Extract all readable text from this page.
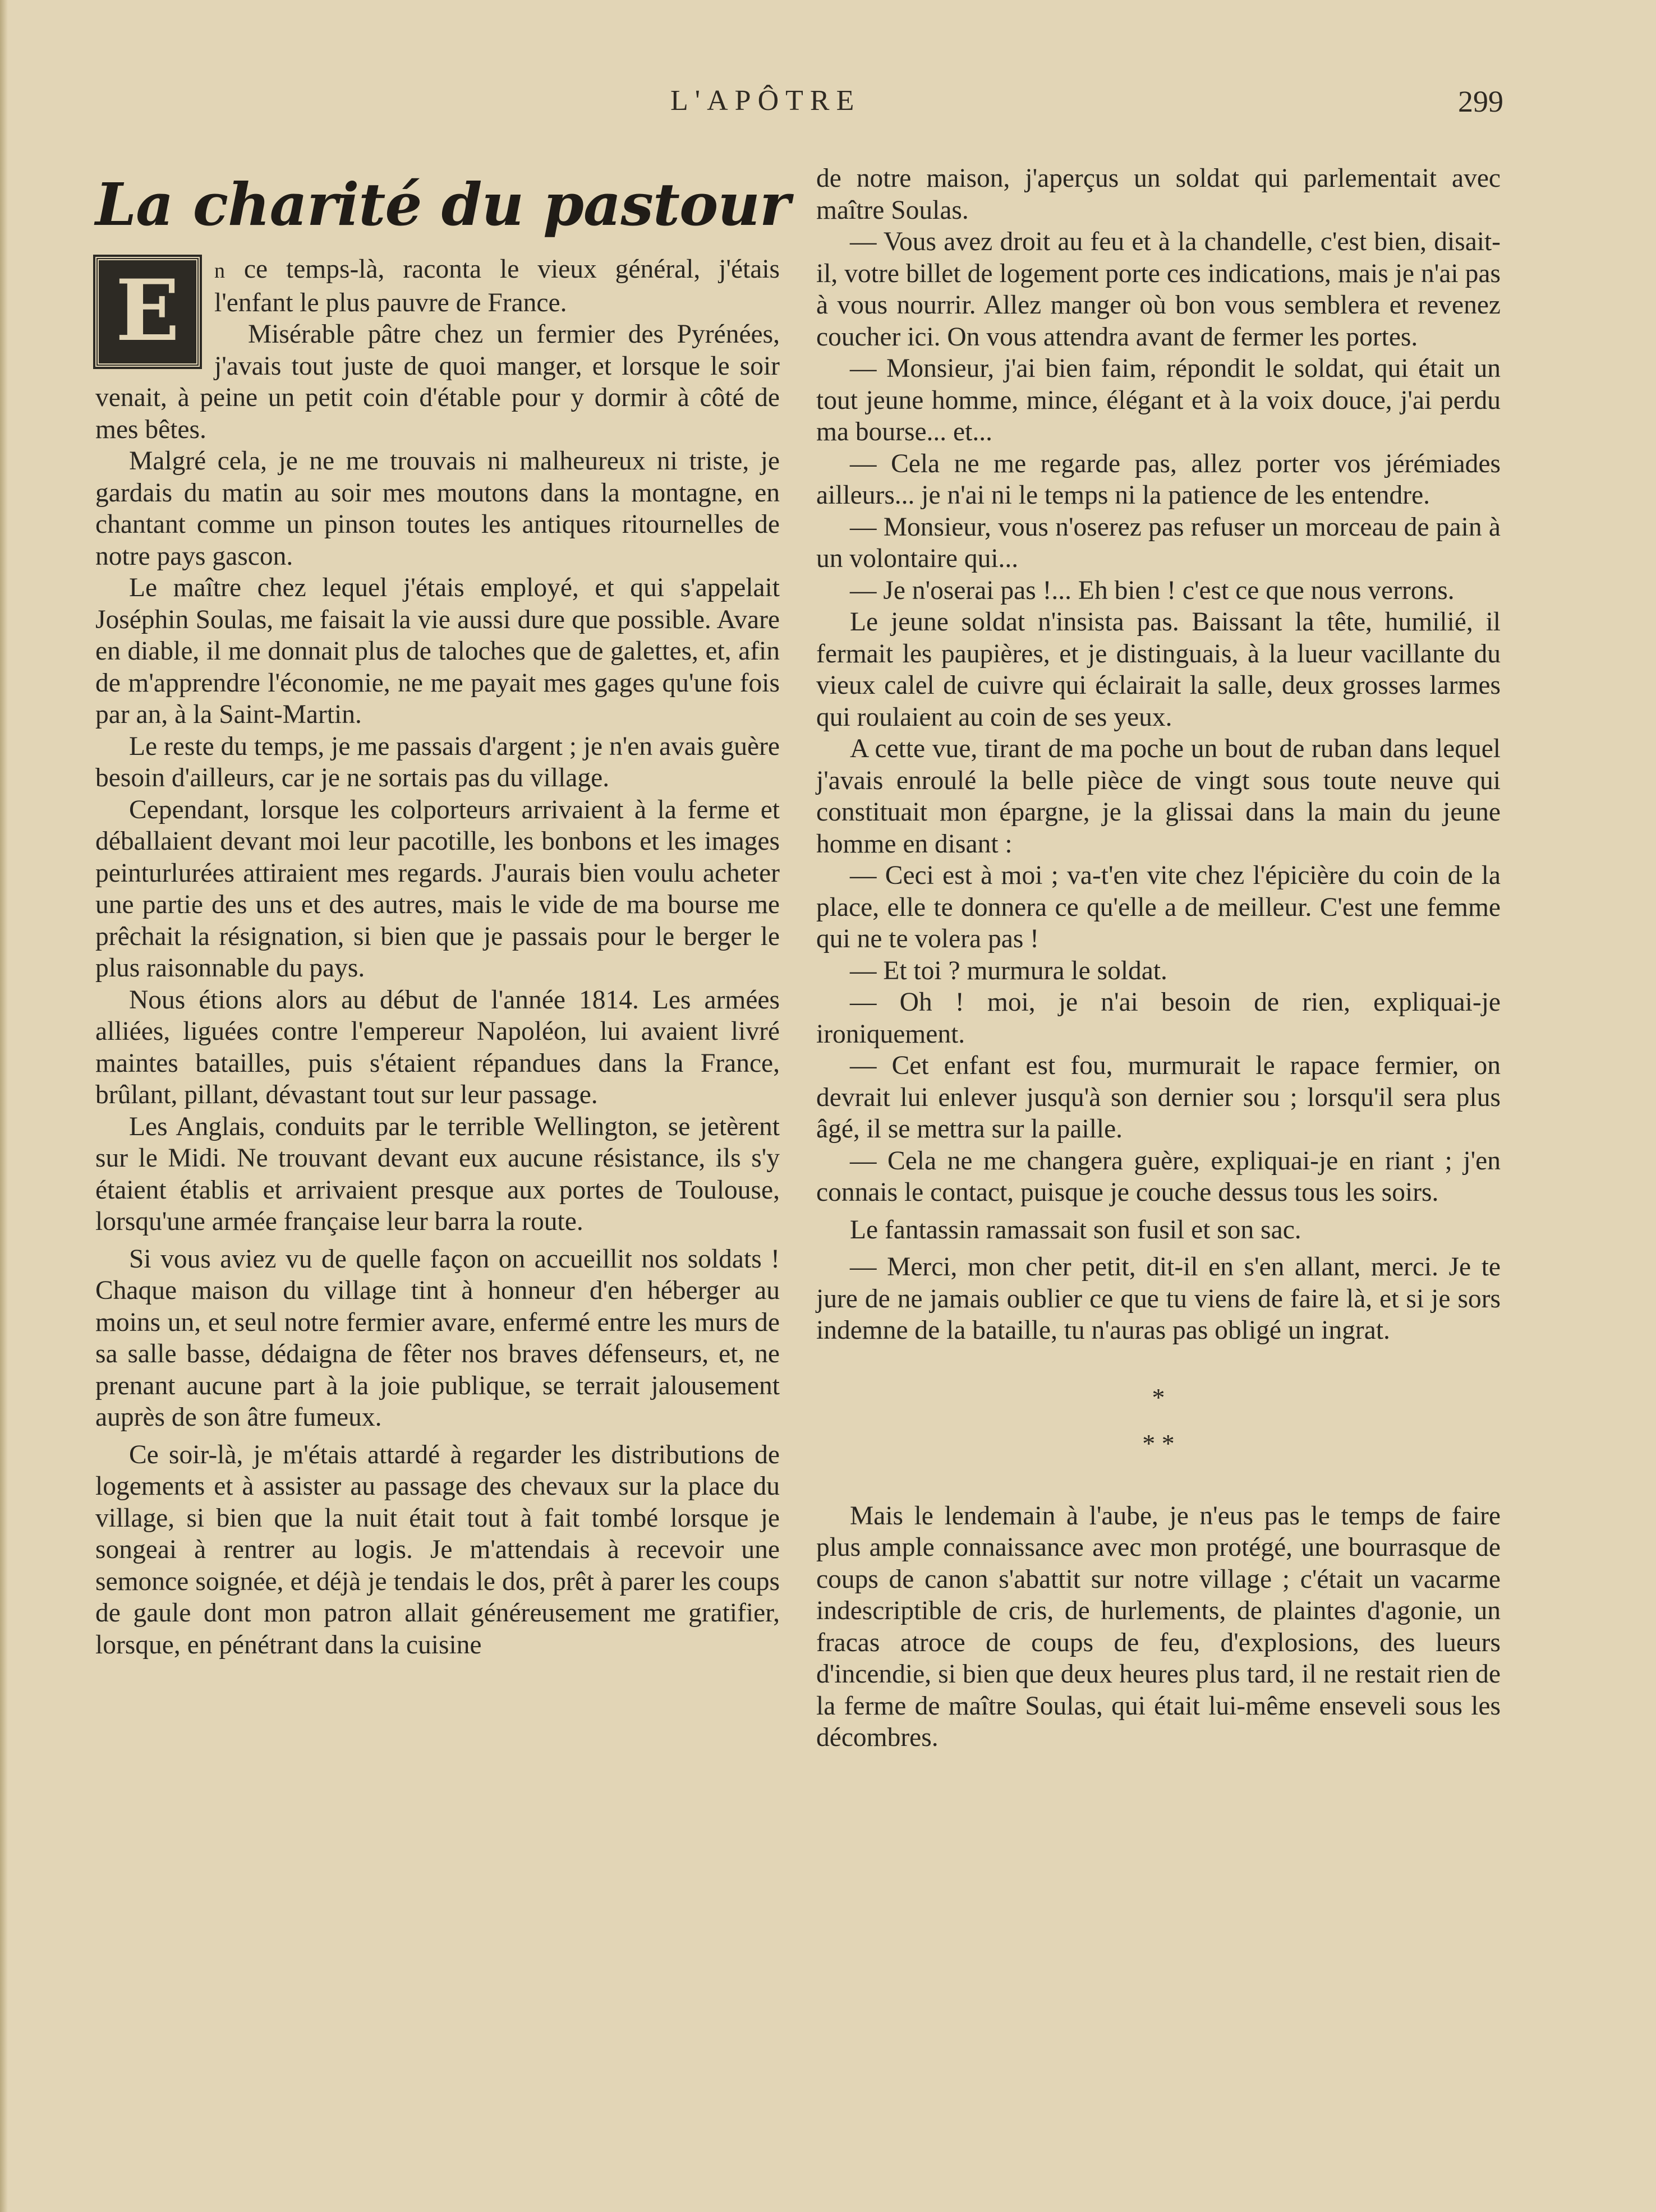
L'APÔTRE	299
La charité du pastour

E	n ce temps-là, raconta le vieux général, j'étais l'enfant le plus pauvre de France.

Misérable pâtre chez un fermier des Pyrénées, j'avais tout juste de quoi manger, et lorsque le soir venait, à peine un petit coin d'étable pour y dormir à côté de mes bêtes.

Malgré cela, je ne me trouvais ni malheureux ni triste, je gardais du matin au soir mes moutons dans la montagne, en chantant comme un pinson toutes les antiques ritournelles de notre pays gascon.

Le maître chez lequel j'étais employé, et qui s'appelait Joséphin Soulas, me faisait la vie aussi dure que possible. Avare en diable, il me donnait plus de taloches que de galettes, et, afin de m'apprendre l'économie, ne me payait mes gages qu'une fois par an, à la Saint-Martin.

Le reste du temps, je me passais d'argent ; je n'en avais guère besoin d'ailleurs, car je ne sortais pas du village.

Cependant, lorsque les colporteurs arrivaient à la ferme et déballaient devant moi leur pacotille, les bonbons et les images peinturlurées attiraient mes regards. J'aurais bien voulu acheter une partie des uns et des autres, mais le vide de ma bourse me prêchait la résignation, si bien que je passais pour le berger le plus raisonnable du pays.

Nous étions alors au début de l'année 1814. Les armées alliées, liguées contre l'empereur Napoléon, lui avaient livré maintes batailles, puis s'étaient répandues dans la France, brûlant, pillant, dévastant tout sur leur passage.

Les Anglais, conduits par le terrible Wellington, se jetèrent sur le Midi. Ne trouvant devant eux aucune résistance, ils s'y étaient établis et arrivaient presque aux portes de Toulouse, lorsqu'une armée française leur barra la route.

Si vous aviez vu de quelle façon on accueillit nos soldats ! Chaque maison du village tint à honneur d'en héberger au moins un, et seul notre fermier avare, enfermé entre les murs de sa salle basse, dédaigna de fêter nos braves défenseurs, et, ne prenant aucune part à la joie publique, se terrait jalousement auprès de son âtre fumeux.

Ce soir-là, je m'étais attardé à regarder les distributions de logements et à assister au passage des chevaux sur la place du village, si bien que la nuit était tout à fait tombé lorsque je songeai à rentrer au logis. Je m'attendais à recevoir une semonce soignée, et déjà je tendais le dos, prêt à parer les coups de gaule dont mon patron allait généreusement me gratifier, lorsque, en pénétrant dans la cuisine

de notre maison, j'aperçus un soldat qui parlementait avec maître Soulas.

— Vous avez droit au feu et à la chandelle, c'est bien, disait-il, votre billet de logement porte ces indications, mais je n'ai pas à vous nourrir. Allez manger où bon vous semblera et revenez coucher ici. On vous attendra avant de fermer les portes.

— Monsieur, j'ai bien faim, répondit le soldat, qui était un tout jeune homme, mince, élégant et à la voix douce, j'ai perdu ma bourse... et...

— Cela ne me regarde pas, allez porter vos jérémiades ailleurs... je n'ai ni le temps ni la patience de les entendre.

— Monsieur, vous n'oserez pas refuser un morceau de pain à un volontaire qui...

— Je n'oserai pas !... Eh bien ! c'est ce que nous verrons.

Le jeune soldat n'insista pas. Baissant la tête, humilié, il fermait les paupières, et je distinguais, à la lueur vacillante du vieux calel de cuivre qui éclairait la salle, deux grosses larmes qui roulaient au coin de ses yeux.

A cette vue, tirant de ma poche un bout de ruban dans lequel j'avais enroulé la belle pièce de vingt sous toute neuve qui constituait mon épargne, je la glissai dans la main du jeune homme en disant :

— Ceci est à moi ; va-t'en vite chez l'épicière du coin de la place, elle te donnera ce qu'elle a de meilleur. C'est une femme qui ne te volera pas !

— Et toi ? murmura le soldat.

— Oh ! moi, je n'ai besoin de rien, expliquai-je ironiquement.

— Cet enfant est fou, murmurait le rapace fermier, on devrait lui enlever jusqu'à son dernier sou ; lorsqu'il sera plus âgé, il se mettra sur la paille.

— Cela ne me changera guère, expliquai-je en riant ; j'en connais le contact, puisque je couche dessus tous les soirs.

Le fantassin ramassait son fusil et son sac.

— Merci, mon cher petit, dit-il en s'en allant, merci. Je te jure de ne jamais oublier ce que tu viens de faire là, et si je sors indemne de la bataille, tu n'auras pas obligé un ingrat.

*
* *

Mais le lendemain à l'aube, je n'eus pas le temps de faire plus ample connaissance avec mon protégé, une bourrasque de coups de canon s'abattit sur notre village ; c'était un vacarme indescriptible de cris, de hurlements, de plaintes d'agonie, un fracas atroce de coups de feu, d'explosions, des lueurs d'incendie, si bien que deux heures plus tard, il ne restait rien de la ferme de maître Soulas, qui était lui-même enseveli sous les décombres.
